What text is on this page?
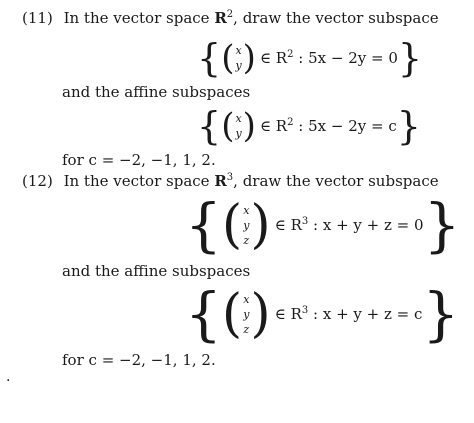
(11) In the vector space $R^2$, draw the vector subspace
{ ( x
y ) ∈ $R^2$ : 5x − 2y = 0 }
and the affine subspaces
{ ( x
y ) ∈ $R^2$ : 5x − 2y = c }
for c = −2, −1, 1, 2.
(12) In the vector space $R^3$, draw the vector subspace
{ ( x
y
z ) ∈ $R^3$ : x + y + z = 0 }
and the affine subspaces
{ ( x
y
z ) ∈ $R^3$ : x + y + z = c }
for c = −2, −1, 1, 2.
.
